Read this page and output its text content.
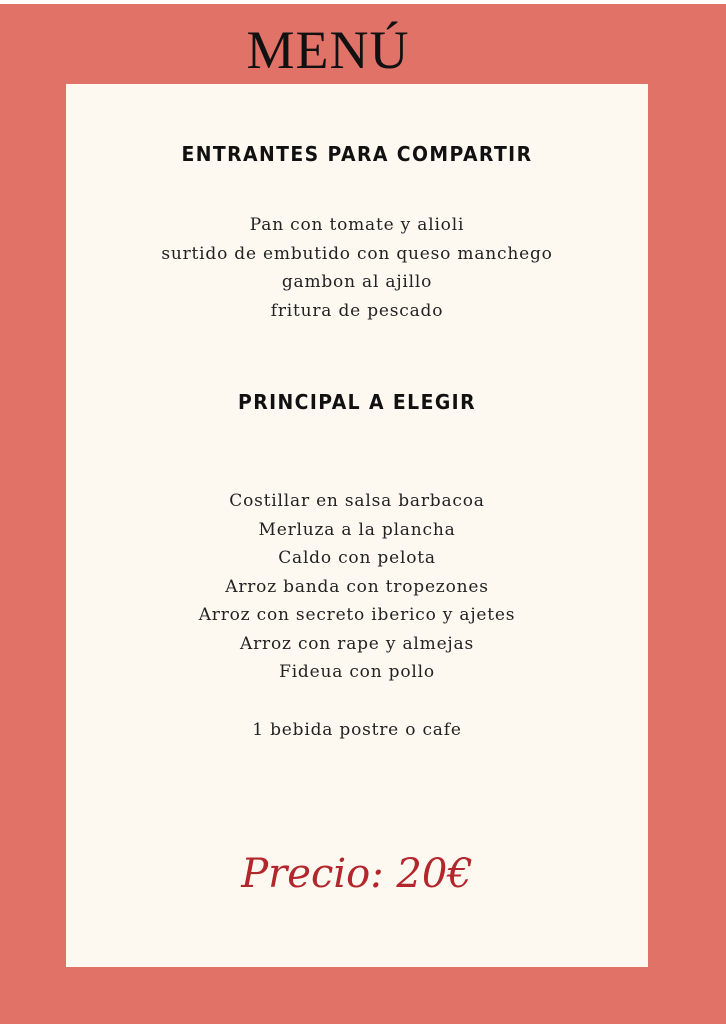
MENÚ
ENTRANTES PARA COMPARTIR
Pan con tomate y alioli
surtido de embutido con queso manchego
gambon al ajillo
fritura de pescado
PRINCIPAL A ELEGIR
Costillar en salsa barbacoa
Merluza a la plancha
Caldo con pelota
Arroz banda con tropezones
Arroz con secreto iberico y ajetes
Arroz con rape y almejas
Fideua con pollo
1 bebida postre o cafe
Precio: 20€
